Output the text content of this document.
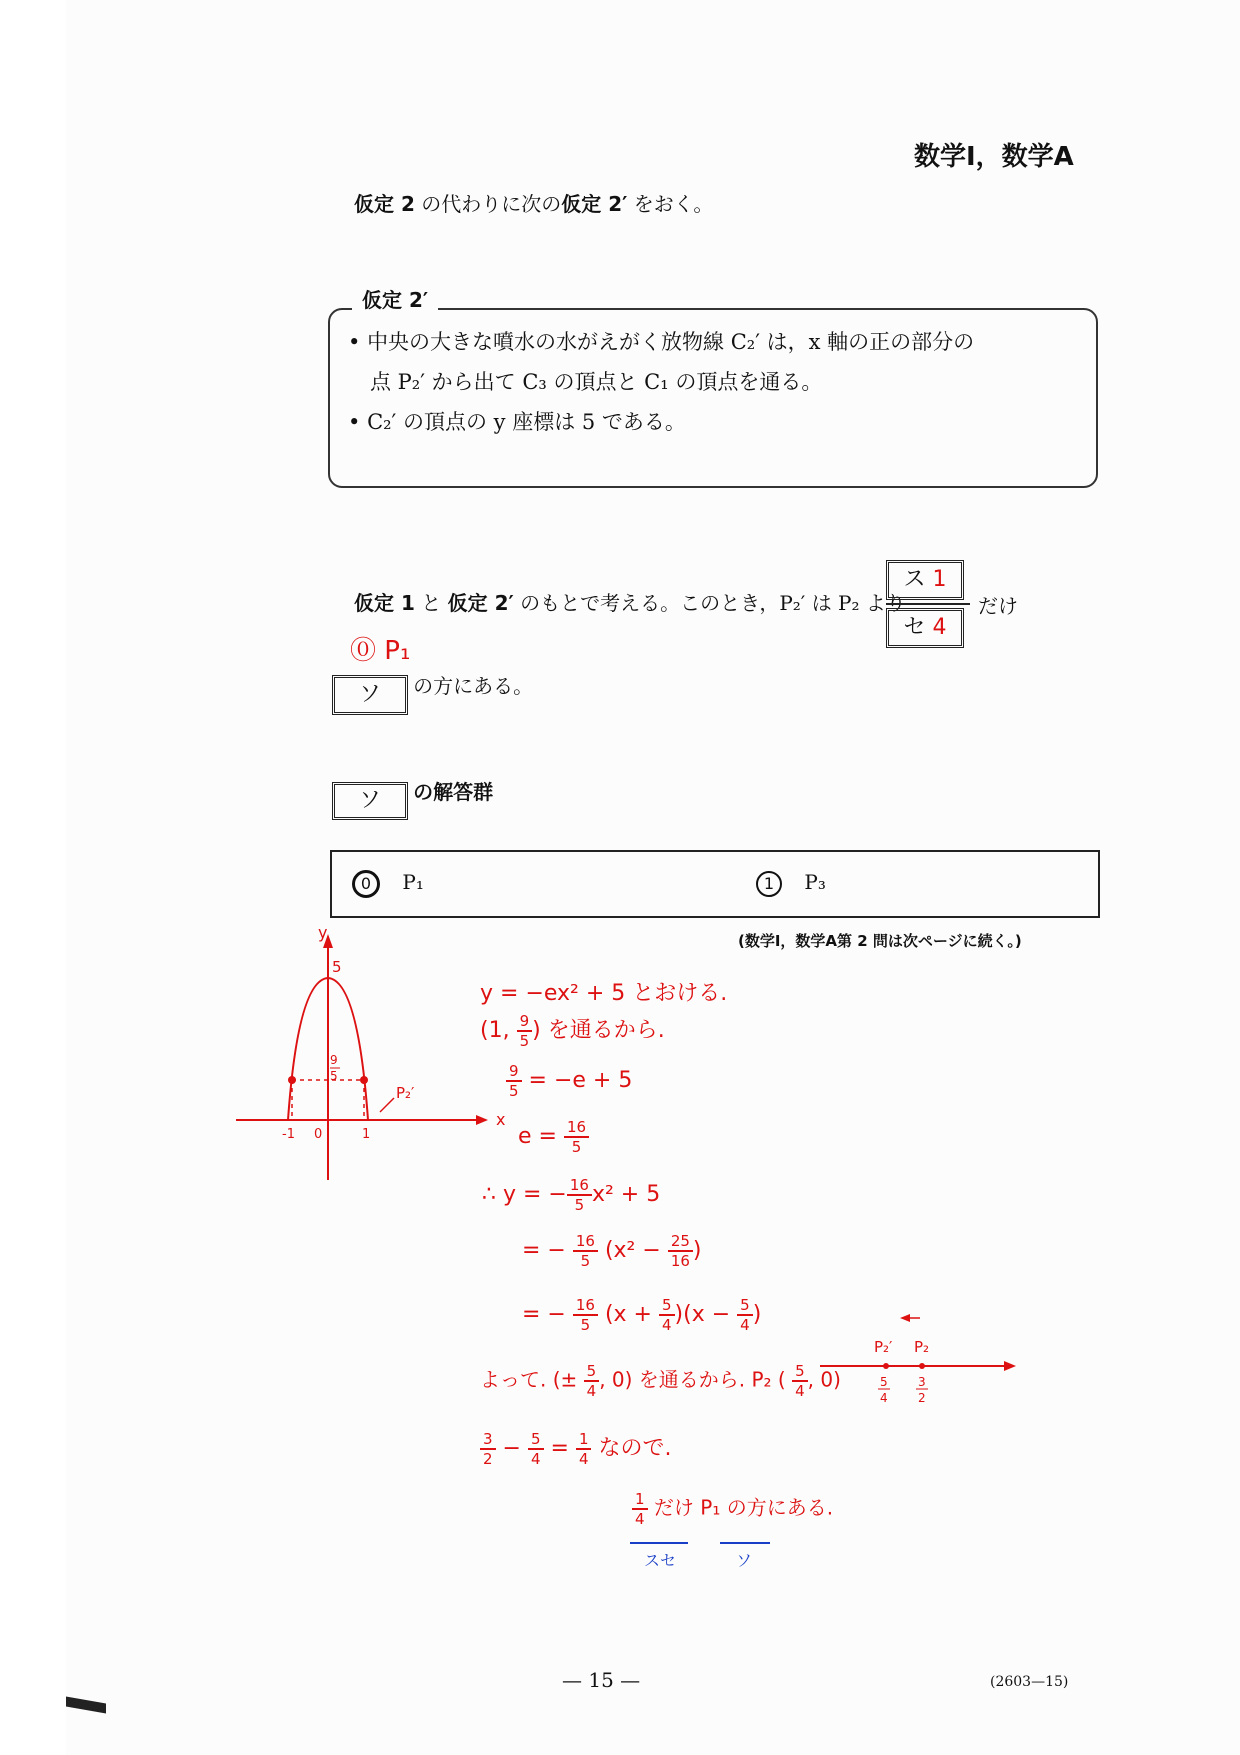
数学Ⅰ，数学A
仮定 2 の代わりに次の仮定 2′ をおく。
仮定 2′
• 中央の大きな噴水の水がえがく放物線 C₂′ は，x 軸の正の部分の
点 P₂′ から出て C₃ の頂点と C₁ の頂点を通る。
• C₂′ の頂点の y 座標は 5 である。
仮定 1 と 仮定 2′ のもとで考える。このとき，P₂′ は P₂ より
ス 1
セ 4
だけ
⓪ P₁
ソ の方にある。
ソ の解答群
0 P₁	1 P₃
(数学Ⅰ，数学A第 2 問は次ページに続く。)
y
x
5
9
5
-1 0	1
P₂′
y = −ex² + 5 とおける.
(1, $\frac{9}{5}$ ) を通るから.
$\frac{9}{5} = -e + 5$
$e = \frac{16}{5}$
∴ y = − $\frac{16}{5} x^2 + 5$
= − $\frac{16}{5} (x^2 - \frac{25}{16}$ )
= − $\frac{16}{5} (x + \frac{5}{4} )(x - \frac{5}{4}$ )
よって. (± $\frac{5}{4}$ , 0) を通るから. P₂ ( $\frac{5}{4}$ , 0)
$\frac{3}{2} - \frac{5}{4} = \frac{1}{4}$ なので.
$\frac{1}{4}$ だけ P₁ の方にある.
スセ	ソ
P₂′ P₂
5
4
3
2
— 15 —	(2603—15)
